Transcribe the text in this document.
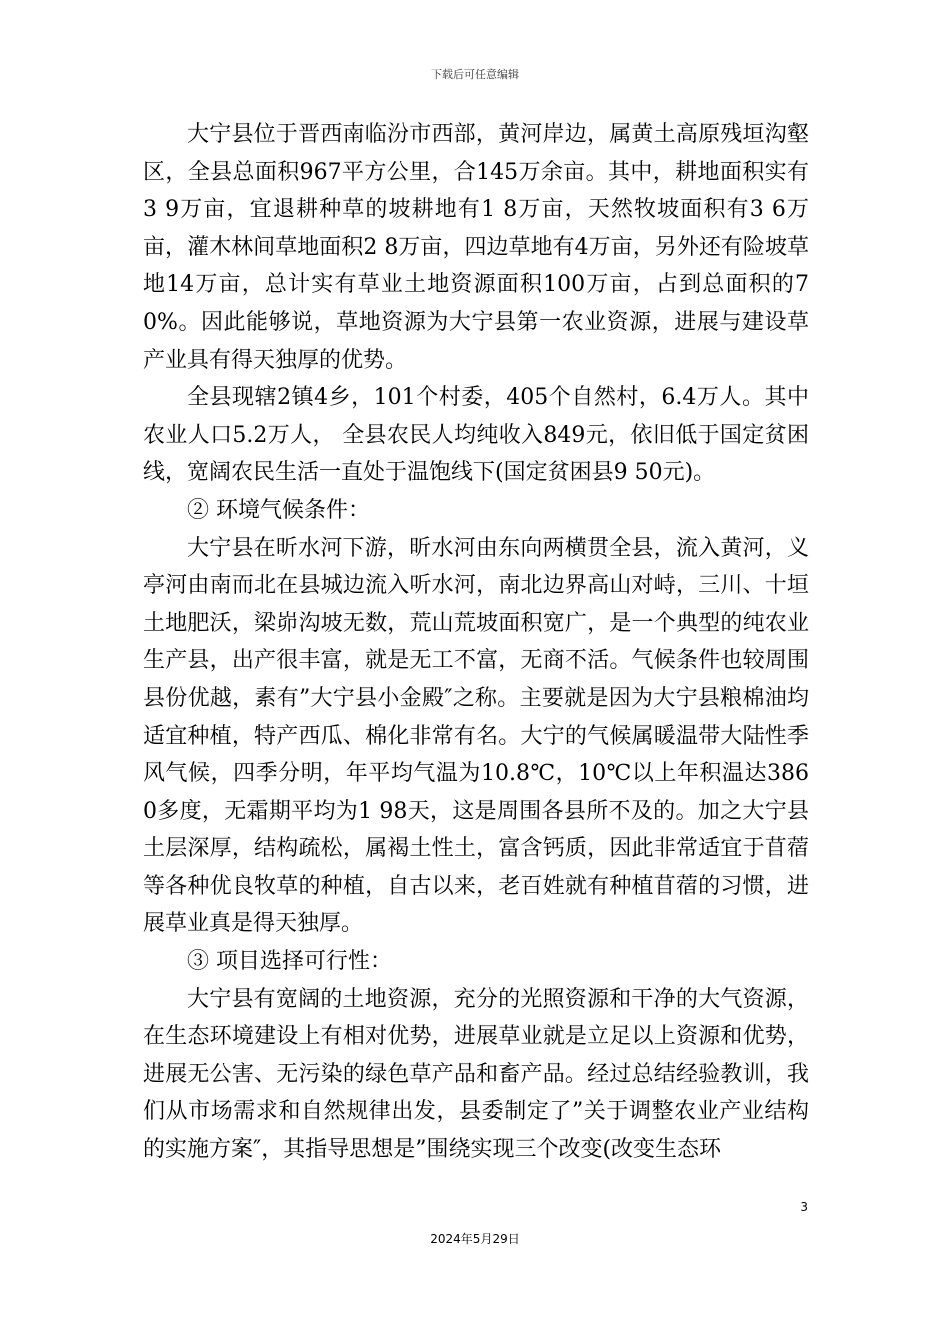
下载后可任意编辑

大宁县位于晋西南临汾市西部，黄河岸边，属黄土高原残垣沟壑区，全县总面积967平方公里，合145万余亩。其中，耕地面积实有3 9万亩，宜退耕种草的坡耕地有1 8万亩，天然牧坡面积有3 6万亩，灌木林间草地面积2 8万亩，四边草地有4万亩，另外还有险坡草地14万亩，总计实有草业土地资源面积100万亩，占到总面积的70%。因此能够说，草地资源为大宁县第一农业资源，进展与建设草产业具有得天独厚的优势。

全县现辖2镇4乡，101个村委，405个自然村，6.4万人。其中农业人口5.2万人， 全县农民人均纯收入849元，依旧低于国定贫困线，宽阔农民生活一直处于温饱线下(国定贫困县9 50元)。

② 环境气候条件：

大宁县在昕水河下游，昕水河由东向两横贯全县，流入黄河，义亭河由南而北在县城边流入听水河，南北边界高山对峙，三川、十垣土地肥沃，梁峁沟坡无数，荒山荒坡面积宽广，是一个典型的纯农业生产县，出产很丰富，就是无工不富，无商不活。气候条件也较周围县份优越，素有”大宁县小金殿″之称。主要就是因为大宁县粮棉油均适宜种植，特产西瓜、棉化非常有名。大宁的气候属暖温带大陆性季风气候，四季分明，年平均气温为10.8℃，10℃以上年积温达3860多度，无霜期平均为1 98天，这是周围各县所不及的。加之大宁县土层深厚，结构疏松，属褐土性土，富含钙质，因此非常适宜于苜蓿等各种优良牧草的种植，自古以来，老百姓就有种植苜蓿的习惯，进展草业真是得天独厚。

③ 项目选择可行性：

大宁县有宽阔的土地资源，充分的光照资源和干净的大气资源，在生态环境建设上有相对优势，进展草业就是立足以上资源和优势，进展无公害、无污染的绿色草产品和畜产品。经过总结经验教训，我们从市场需求和自然规律出发，县委制定了”关于调整农业产业结构的实施方案″，其指导思想是”围绕实现三个改变(改变生态环

3
2024年5月29日
